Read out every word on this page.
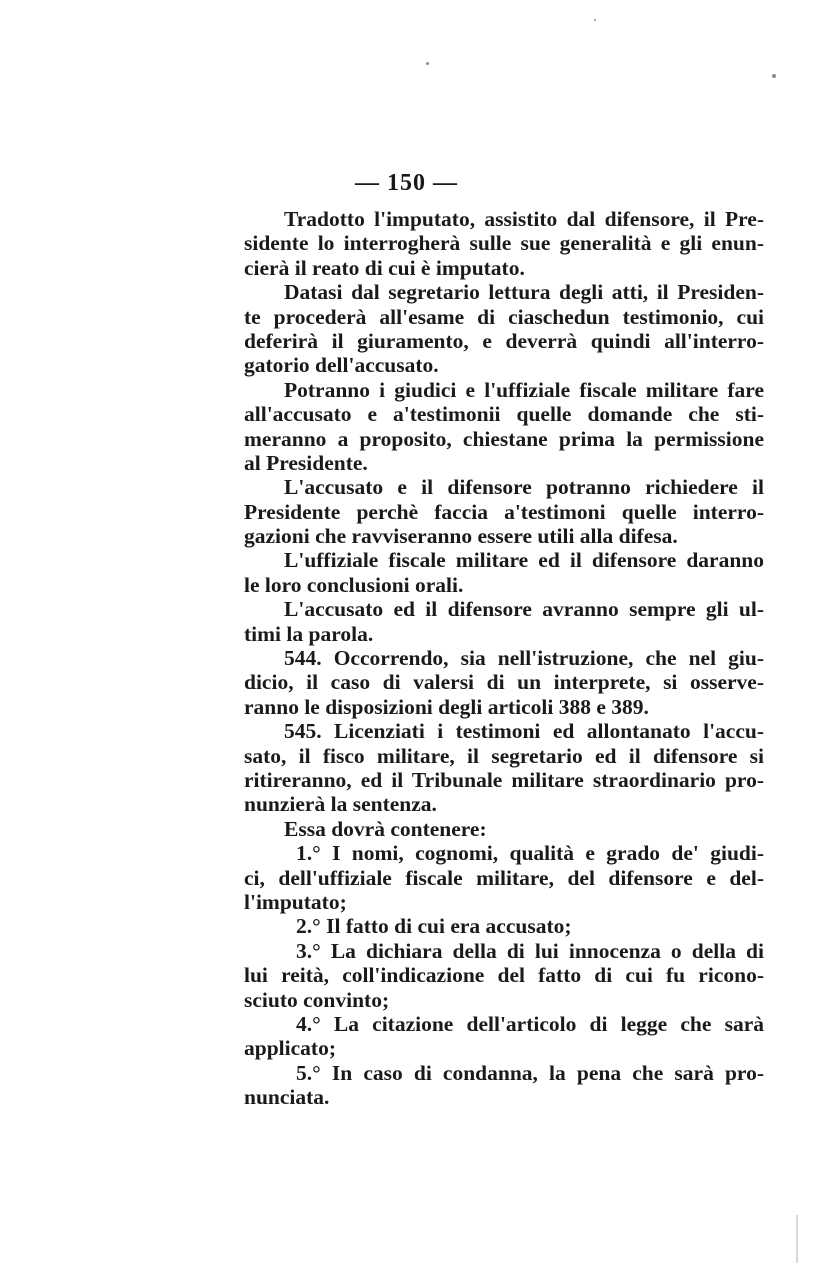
— 150 —
Tradotto l'imputato, assistito dal difensore, il Pre-
sidente lo interrogherà sulle sue generalità e gli enun-
cierà il reato di cui è imputato.
Datasi dal segretario lettura degli atti, il Presiden-
te procederà all'esame di ciaschedun testimonio, cui
deferirà il giuramento, e deverrà quindi all'interro-
gatorio dell'accusato.
Potranno i giudici e l'uffiziale fiscale militare fare
all'accusato e a'testimonii quelle domande che sti-
meranno a proposito, chiestane prima la permissione
al Presidente.
L'accusato e il difensore potranno richiedere il
Presidente perchè faccia a'testimoni quelle interro-
gazioni che ravviseranno essere utili alla difesa.
L'uffiziale fiscale militare ed il difensore daranno
le loro conclusioni orali.
L'accusato ed il difensore avranno sempre gli ul-
timi la parola.
544. Occorrendo, sia nell'istruzione, che nel giu-
dicio, il caso di valersi di un interprete, si osserve-
ranno le disposizioni degli articoli 388 e 389.
545. Licenziati i testimoni ed allontanato l'accu-
sato, il fisco militare, il segretario ed il difensore si
ritireranno, ed il Tribunale militare straordinario pro-
nunzierà la sentenza.
Essa dovrà contenere:
1.° I nomi, cognomi, qualità e grado de' giudi-
ci, dell'uffiziale fiscale militare, del difensore e del-
l'imputato;
2.° Il fatto di cui era accusato;
3.° La dichiara della di lui innocenza o della di
lui reità, coll'indicazione del fatto di cui fu ricono-
sciuto convinto;
4.° La citazione dell'articolo di legge che sarà
applicato;
5.° In caso di condanna, la pena che sarà pro-
nunciata.
